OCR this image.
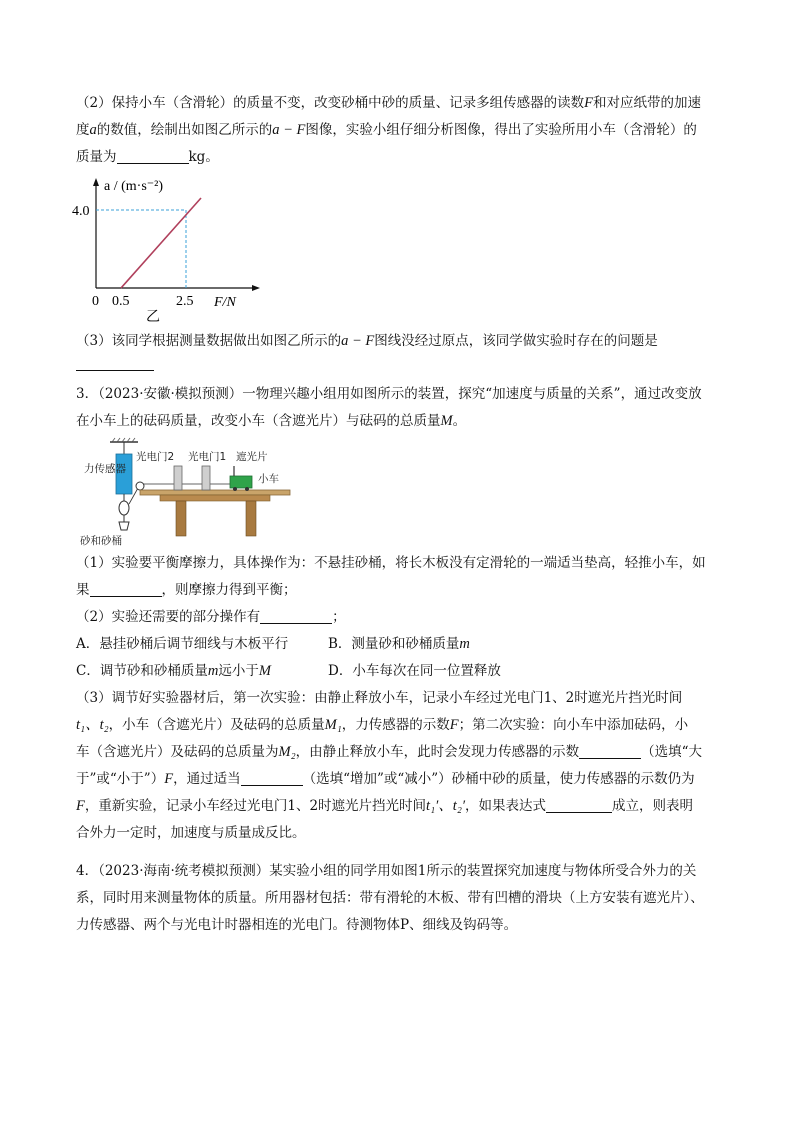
（2）保持小车（含滑轮）的质量不变，改变砂桶中砂的质量、记录多组传感器的读数F和对应纸带的加速
度a的数值，绘制出如图乙所示的a − F图像，实验小组仔细分析图像，得出了实验所用小车（含滑轮）的
质量为	kg。
a / (m·s⁻²)
4.0
0 0.5	2.5 F/N
乙
（3）该同学根据测量数据做出如图乙所示的a − F图线没经过原点，该同学做实验时存在的问题是
3．（2023·安徽·模拟预测）一物理兴趣小组用如图所示的装置，探究“加速度与质量的关系”，通过改变放
在小车上的砝码质量，改变小车（含遮光片）与砝码的总质量M。
力传感器
光电门2 光电门1 遮光片
小车
砂和砂桶
（1）实验要平衡摩擦力，具体操作为：不悬挂砂桶，将长木板没有定滑轮的一端适当垫高，轻推小车，如
果	，则摩擦力得到平衡；
（2）实验还需要的部分操作有	；
A．悬挂砂桶后调节细线与木板平行	B．测量砂和砂桶质量m
C．调节砂和砂桶质量m远小于M	D．小车每次在同一位置释放
（3）调节好实验器材后，第一次实验：由静止释放小车，记录小车经过光电门1、2时遮光片挡光时间
t₁、t₂，小车（含遮光片）及砝码的总质量M₁，力传感器的示数F；第二次实验：向小车中添加砝码，小
车（含遮光片）及砝码的总质量为M₂，由静止释放小车，此时会发现力传感器的示数	（选填“大
于”或“小于”）F，通过适当	（选填“增加”或“减小”）砂桶中砂的质量，使力传感器的示数仍为
F，重新实验，记录小车经过光电门1、2时遮光片挡光时间t₁′、t₂′，如果表达式	成立，则表明
合外力一定时，加速度与质量成反比。
4．（2023·海南·统考模拟预测）某实验小组的同学用如图1所示的装置探究加速度与物体所受合外力的关
系，同时用来测量物体的质量。所用器材包括：带有滑轮的木板、带有凹槽的滑块（上方安装有遮光片）、
力传感器、两个与光电计时器相连的光电门。待测物体P、细线及钩码等。
